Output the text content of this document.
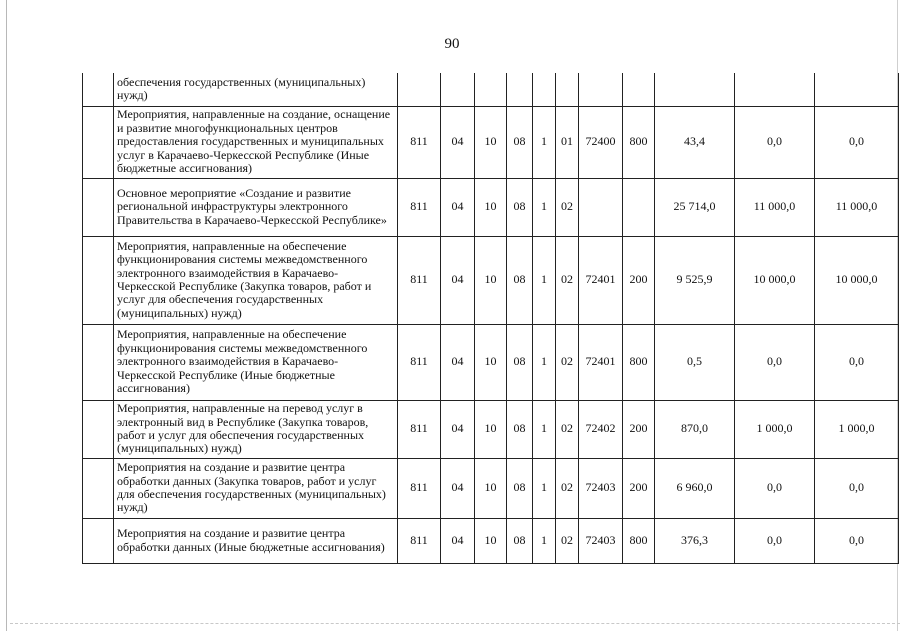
90
	обеспечения государственных (муниципальных) нужд)											
	Мероприятия, направленные на создание, оснащение и развитие многофункциональных центров предоставления государственных и муниципальных услуг в Карачаево-Черкесской Республике (Иные бюджетные ассигнования)	811	04	10	08	1	01	72400	800	43,4	0,0	0,0
	Основное мероприятие «Создание и развитие региональной инфраструктуры электронного Правительства в Карачаево-Черкесской Республике»	811	04	10	08	1	02			25 714,0	11 000,0	11 000,0
	Мероприятия, направленные на обеспечение функционирования системы межведомственного электронного взаимодействия в Карачаево-Черкесской Республике (Закупка товаров, работ и услуг для обеспечения государственных (муниципальных) нужд)	811	04	10	08	1	02	72401	200	9 525,9	10 000,0	10 000,0
	Мероприятия, направленные на обеспечение функционирования системы межведомственного электронного взаимодействия в Карачаево-Черкесской Республике (Иные бюджетные ассигнования)	811	04	10	08	1	02	72401	800	0,5	0,0	0,0
	Мероприятия, направленные на перевод услуг в электронный вид в Республике (Закупка товаров, работ и услуг для обеспечения государственных (муниципальных) нужд)	811	04	10	08	1	02	72402	200	870,0	1 000,0	1 000,0
	Мероприятия на создание и развитие центра обработки данных (Закупка товаров, работ и услуг для обеспечения государственных (муниципальных) нужд)	811	04	10	08	1	02	72403	200	6 960,0	0,0	0,0
	Мероприятия на создание и развитие центра обработки данных (Иные бюджетные ассигнования)	811	04	10	08	1	02	72403	800	376,3	0,0	0,0
